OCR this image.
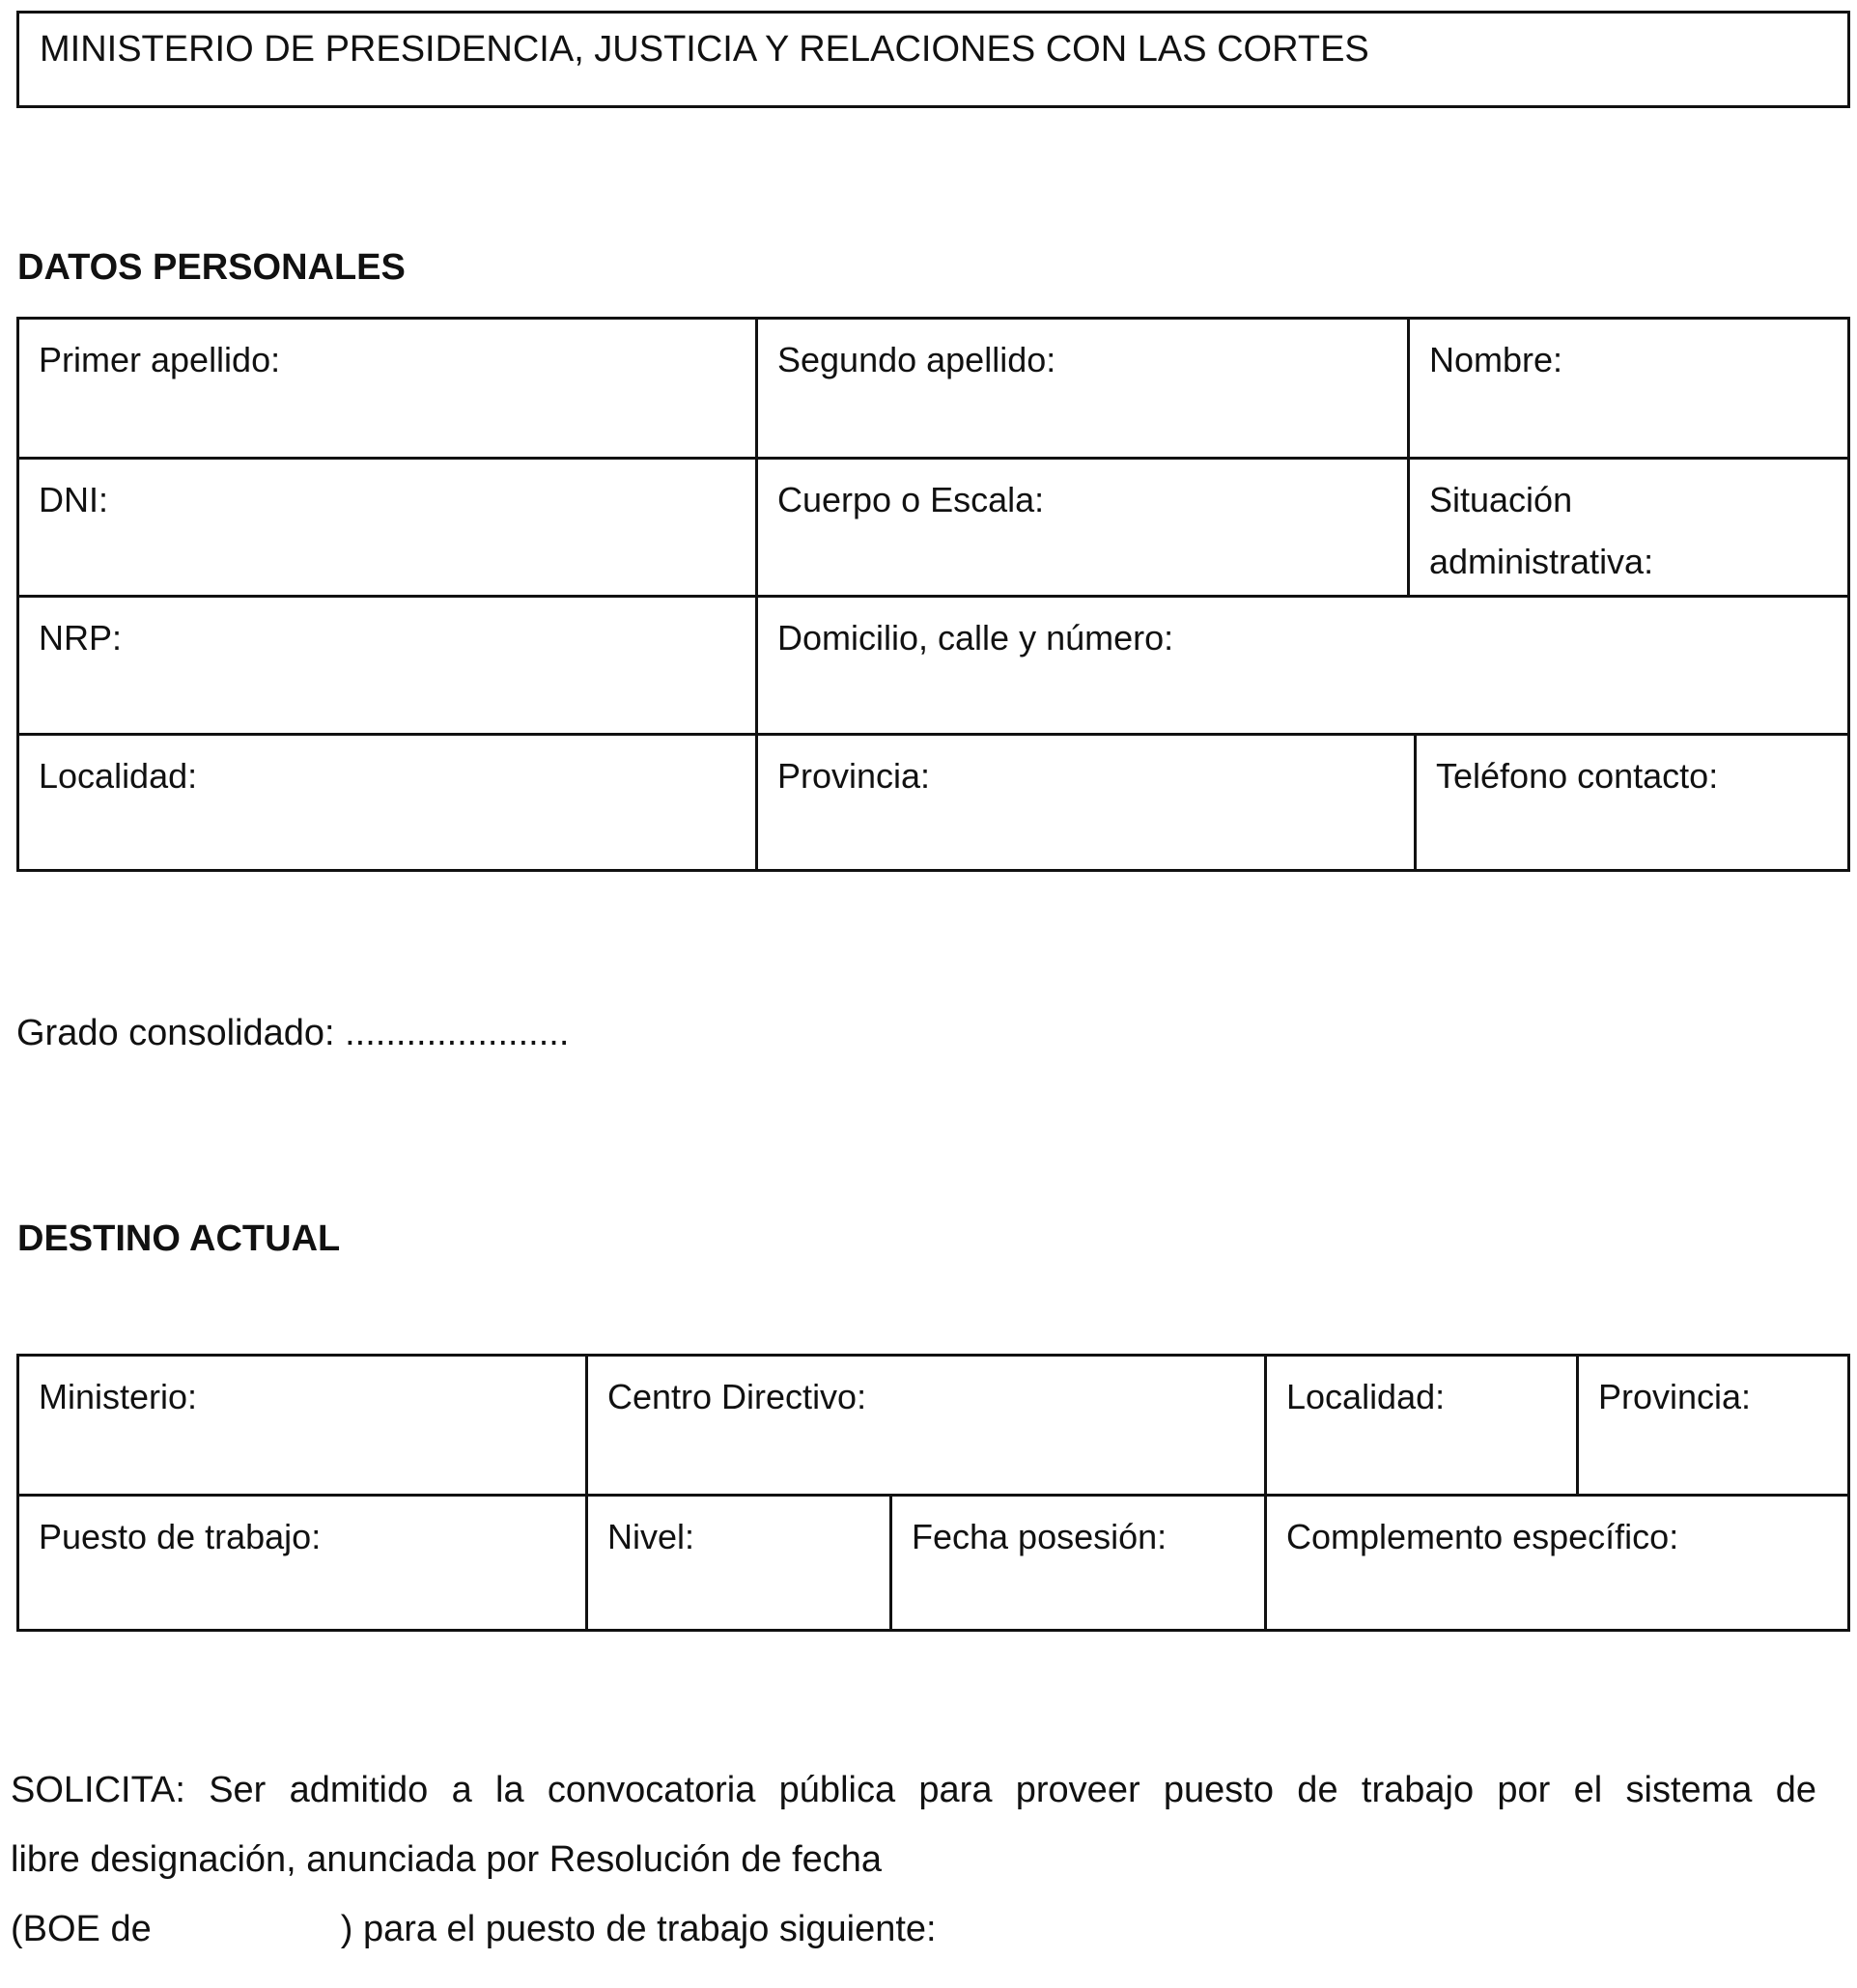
MINISTERIO DE PRESIDENCIA, JUSTICIA Y RELACIONES CON LAS CORTES
DATOS PERSONALES
Primer apellido:	Segundo apellido:	Nombre:
DNI:	Cuerpo o Escala:	Situación
administrativa:
NRP:	Domicilio, calle y número:
Localidad:	Provincia:	Teléfono contacto:
Grado consolidado: ......................
DESTINO ACTUAL
Ministerio:	Centro Directivo:	Localidad:	Provincia:
Puesto de trabajo:	Nivel:	Fecha posesión:	Complemento específico:
SOLICITA: Ser admitido a la convocatoria pública para proveer puesto de trabajo por el sistema de
libre designación, anunciada por Resolución de fecha
(BOE de	) para el puesto de trabajo siguiente:
